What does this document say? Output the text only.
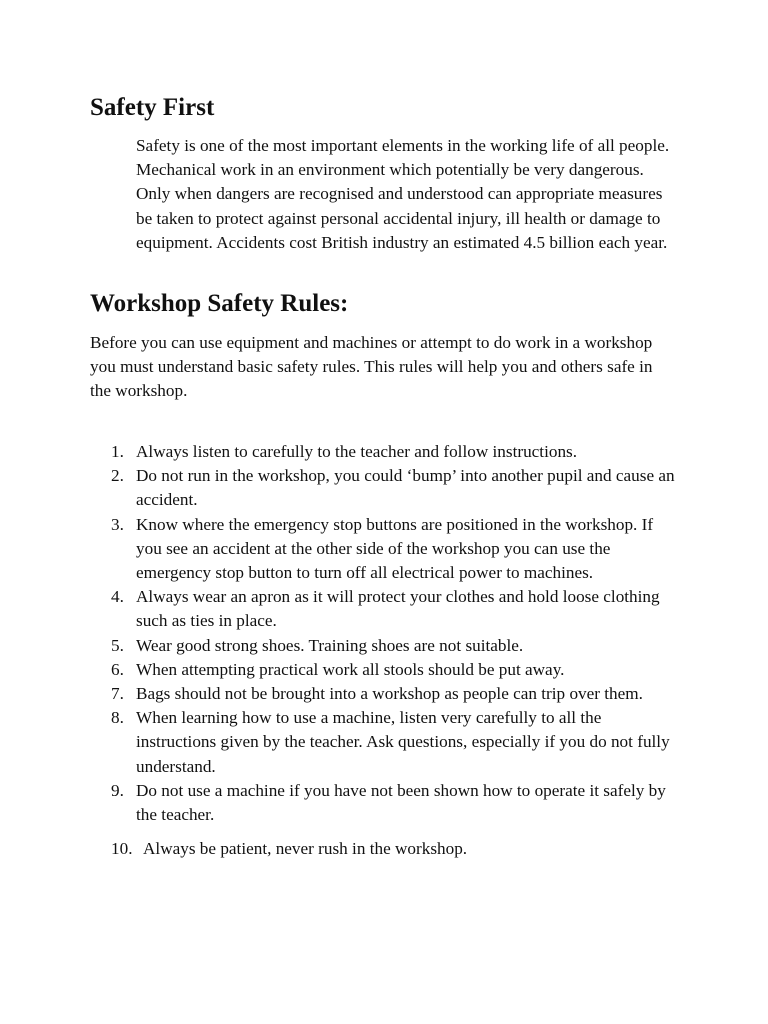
Safety First

Safety is one of the most important elements in the working life of all people. Mechanical work in an environment which potentially be very dangerous. Only when dangers are recognised and understood can appropriate measures be taken to protect against personal accidental injury, ill health or damage to equipment. Accidents cost British industry an estimated 4.5 billion each year.

Workshop Safety Rules:

Before you can use equipment and machines or attempt to do work in a workshop you must understand basic safety rules. This rules will help you and others safe in the workshop.

1. Always listen to carefully to the teacher and follow instructions.
2. Do not run in the workshop, you could ‘bump’ into another pupil and cause an accident.
3. Know where the emergency stop buttons are positioned in the workshop. If you see an accident at the other side of the workshop you can use the emergency stop button to turn off all electrical power to machines.
4. Always wear an apron as it will protect your clothes and hold loose clothing such as ties in place.
5. Wear good strong shoes. Training shoes are not suitable.
6. When attempting practical work all stools should be put away.
7. Bags should not be brought into a workshop as people can trip over them.
8. When learning how to use a machine, listen very carefully to all the instructions given by the teacher. Ask questions, especially if you do not fully understand.
9. Do not use a machine if you have not been shown how to operate it safely by the teacher.
10. Always be patient, never rush in the workshop.
